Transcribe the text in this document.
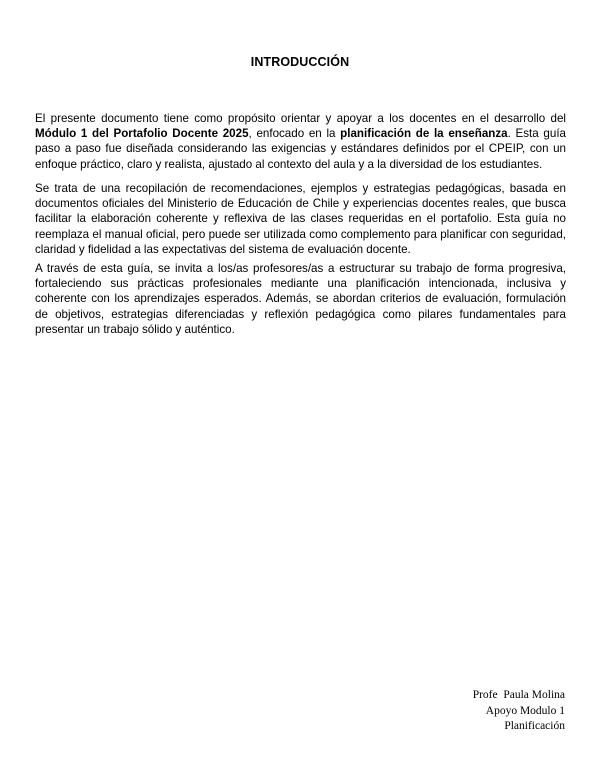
INTRODUCCIÓN

El presente documento tiene como propósito orientar y apoyar a los docentes en el desarrollo del Módulo 1 del Portafolio Docente 2025, enfocado en la planificación de la enseñanza. Esta guía paso a paso fue diseñada considerando las exigencias y estándares definidos por el CPEIP, con un enfoque práctico, claro y realista, ajustado al contexto del aula y a la diversidad de los estudiantes.

Se trata de una recopilación de recomendaciones, ejemplos y estrategias pedagógicas, basada en documentos oficiales del Ministerio de Educación de Chile y experiencias docentes reales, que busca facilitar la elaboración coherente y reflexiva de las clases requeridas en el portafolio. Esta guía no reemplaza el manual oficial, pero puede ser utilizada como complemento para planificar con seguridad, claridad y fidelidad a las expectativas del sistema de evaluación docente.

A través de esta guía, se invita a los/as profesores/as a estructurar su trabajo de forma progresiva, fortaleciendo sus prácticas profesionales mediante una planificación intencionada, inclusiva y coherente con los aprendizajes esperados. Además, se abordan criterios de evaluación, formulación de objetivos, estrategias diferenciadas y reflexión pedagógica como pilares fundamentales para presentar un trabajo sólido y auténtico.

Profe  Paula Molina
Apoyo Modulo 1
Planificación
